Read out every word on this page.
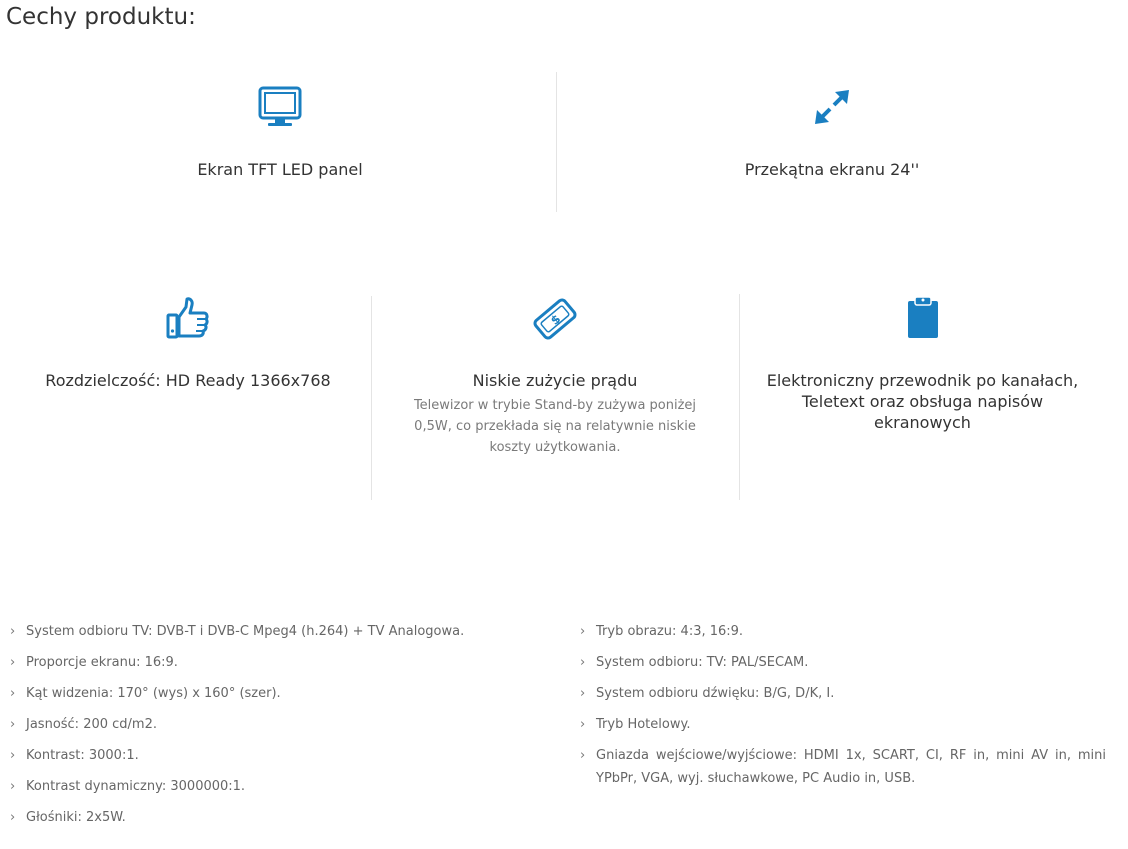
Cechy produktu:
Ekran TFT LED panel	Przekątna ekranu 24''
Rozdzielczość: HD Ready 1366x768
$
Niskie zużycie prądu
Telewizor w trybie Stand-by zużywa poniżej 0,5W, co przekłada się na relatywnie niskie koszty użytkowania.
Elektroniczny przewodnik po kanałach, Teletext oraz obsługa napisów ekranowych
› System odbioru TV: DVB-T i DVB-C Mpeg4 (h.264) + TV Analogowa.
› Proporcje ekranu: 16:9.
› Kąt widzenia: 170° (wys) x 160° (szer).
› Jasność: 200 cd/m2.
› Kontrast: 3000:1.
› Kontrast dynamiczny: 3000000:1.
› Głośniki: 2x5W.
› Tryb obrazu: 4:3, 16:9.
› System odbioru: TV: PAL/SECAM.
› System odbioru dźwięku: B/G, D/K, I.
› Tryb Hotelowy.
› Gniazda wejściowe/wyjściowe: HDMI 1x, SCART, CI, RF in, mini AV in, mini YPbPr, VGA, wyj. słuchawkowe, PC Audio in, USB.
